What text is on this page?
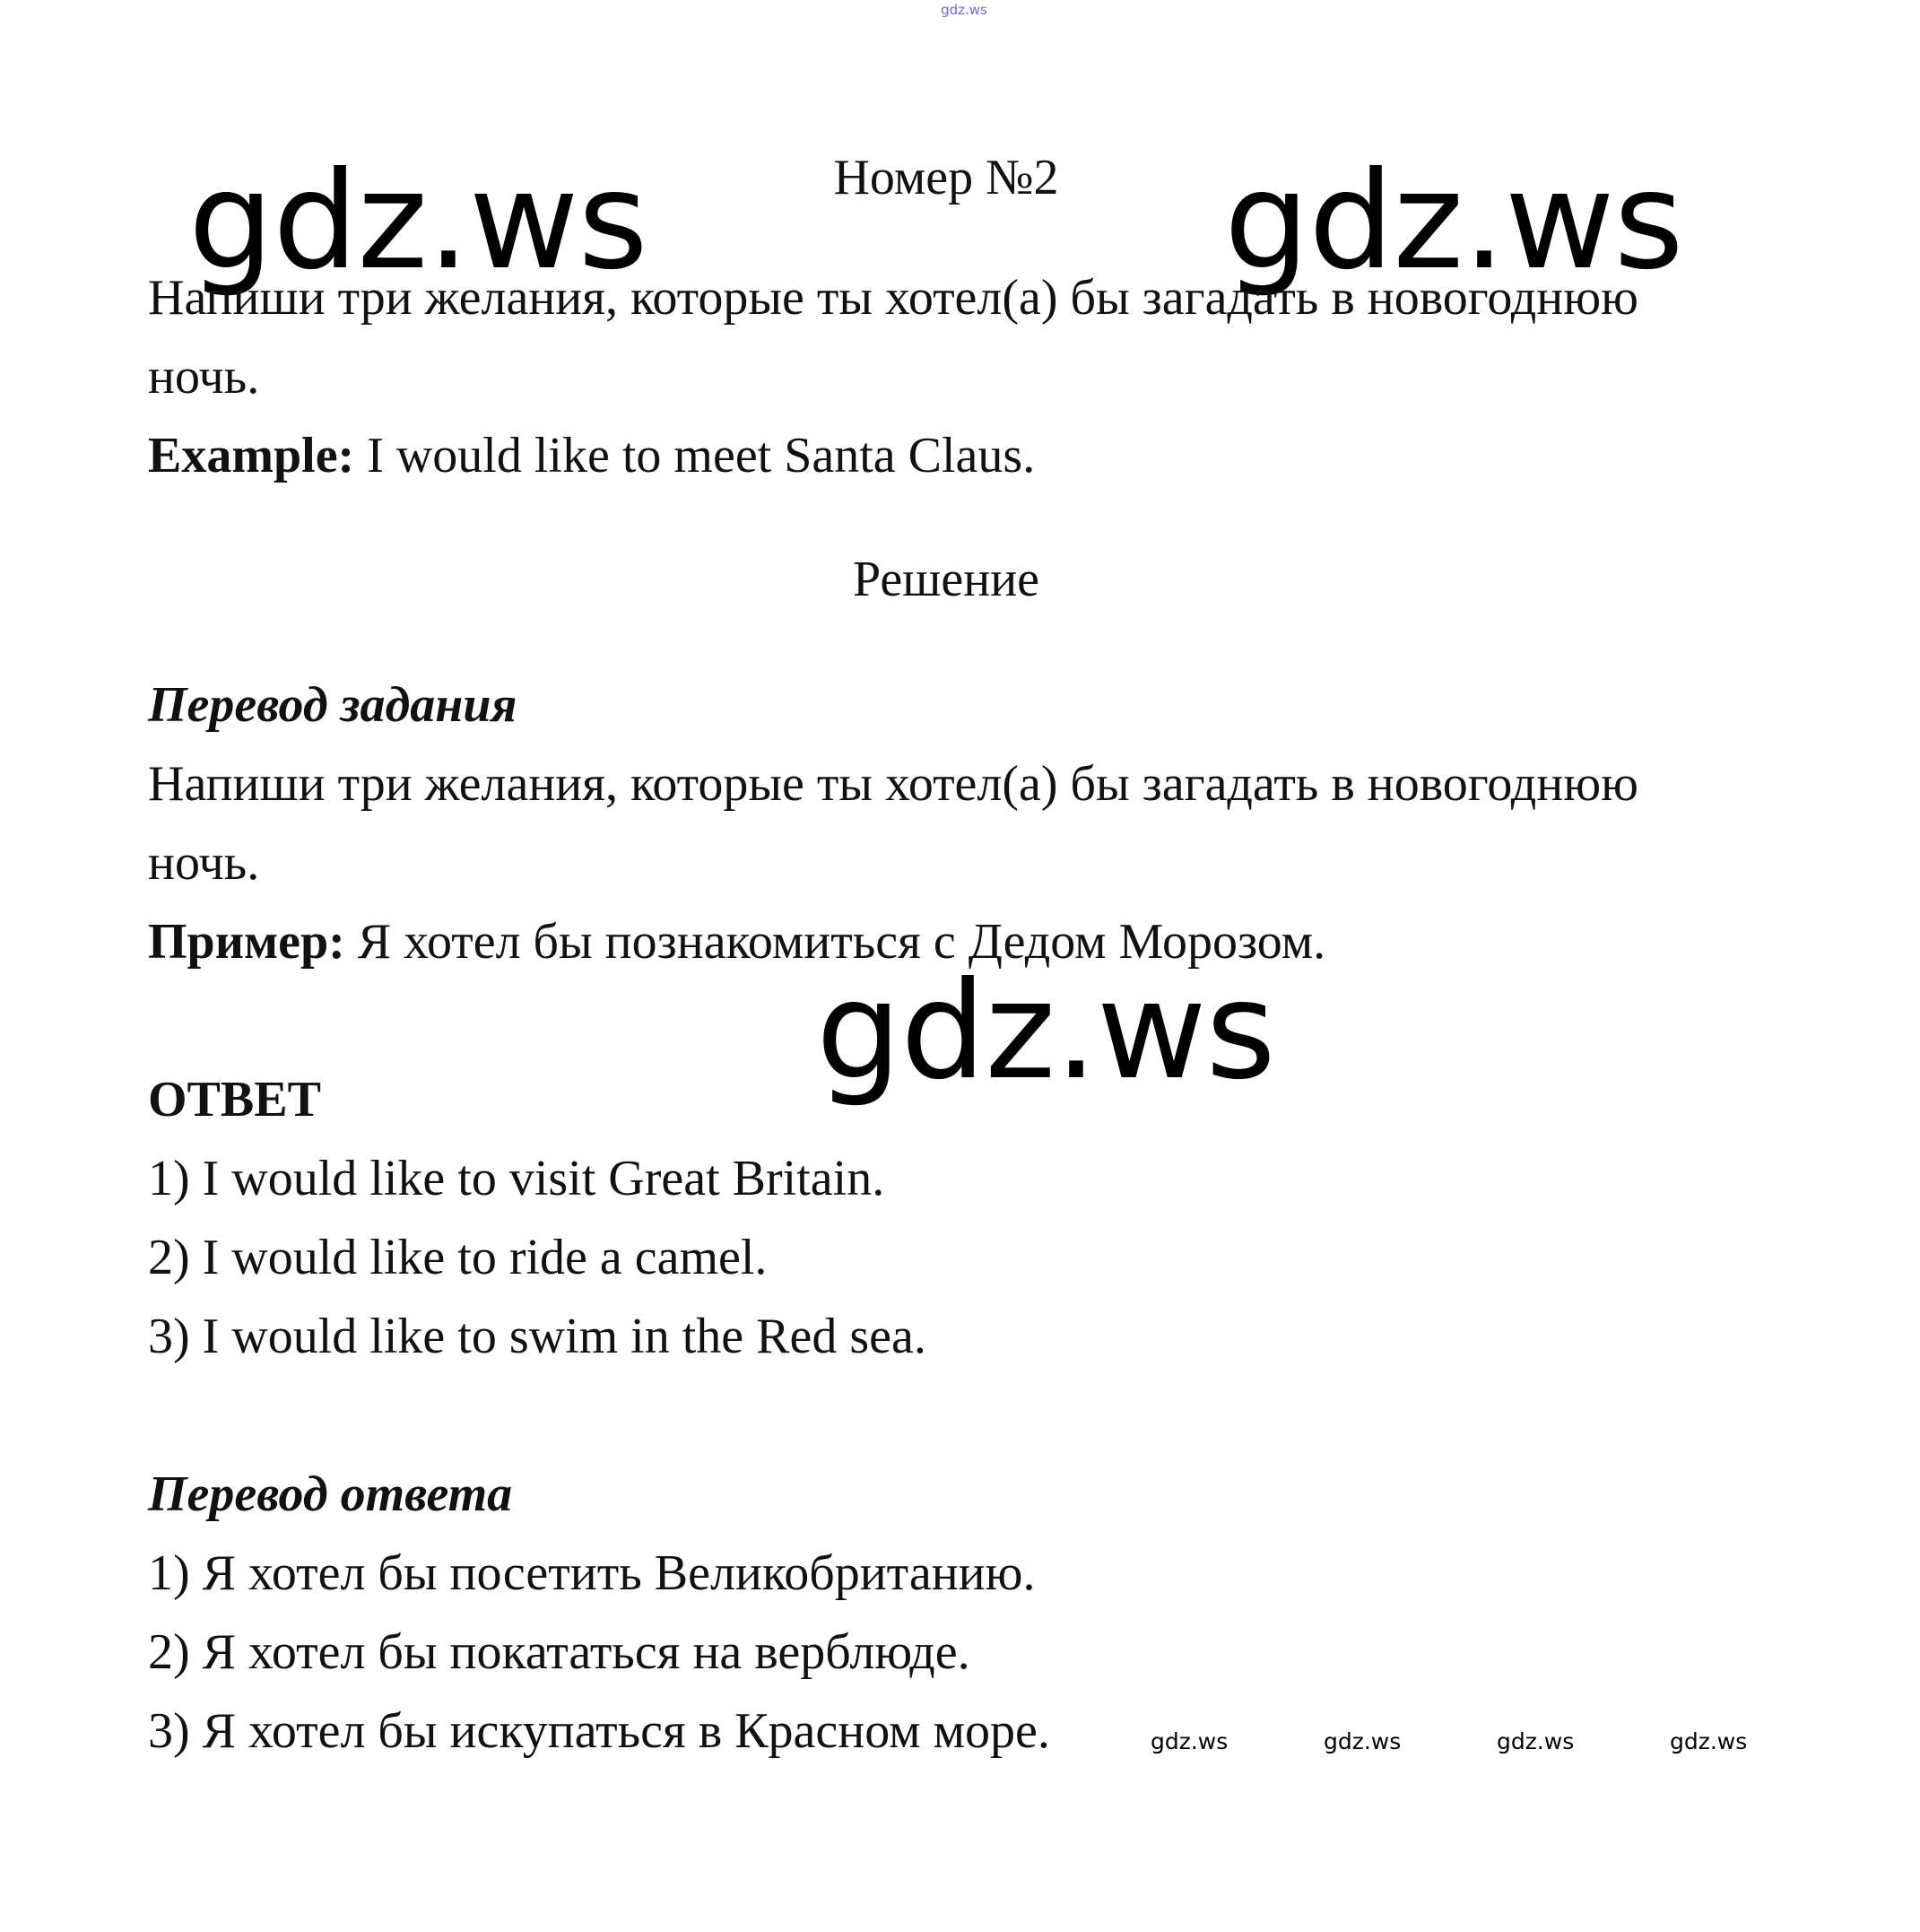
gdz.ws
Номер №2
gdz.ws	gdz.ws
Напиши три желания, которые ты хотел(а) бы загадать в новогоднюю
ночь.
Example: I would like to meet Santa Claus.
Решение
Перевод задания
Напиши три желания, которые ты хотел(а) бы загадать в новогоднюю
ночь.
Пример: Я хотел бы познакомиться с Дедом Морозом.
gdz.ws
ОТВЕТ
1) I would like to visit Great Britain.
2) I would like to ride a camel.
3) I would like to swim in the Red sea.
Перевод ответа
1) Я хотел бы посетить Великобританию.
2) Я хотел бы покататься на верблюде.
3) Я хотел бы искупаться в Красном море.	gdz.ws	gdz.ws	gdz.ws	gdz.ws
